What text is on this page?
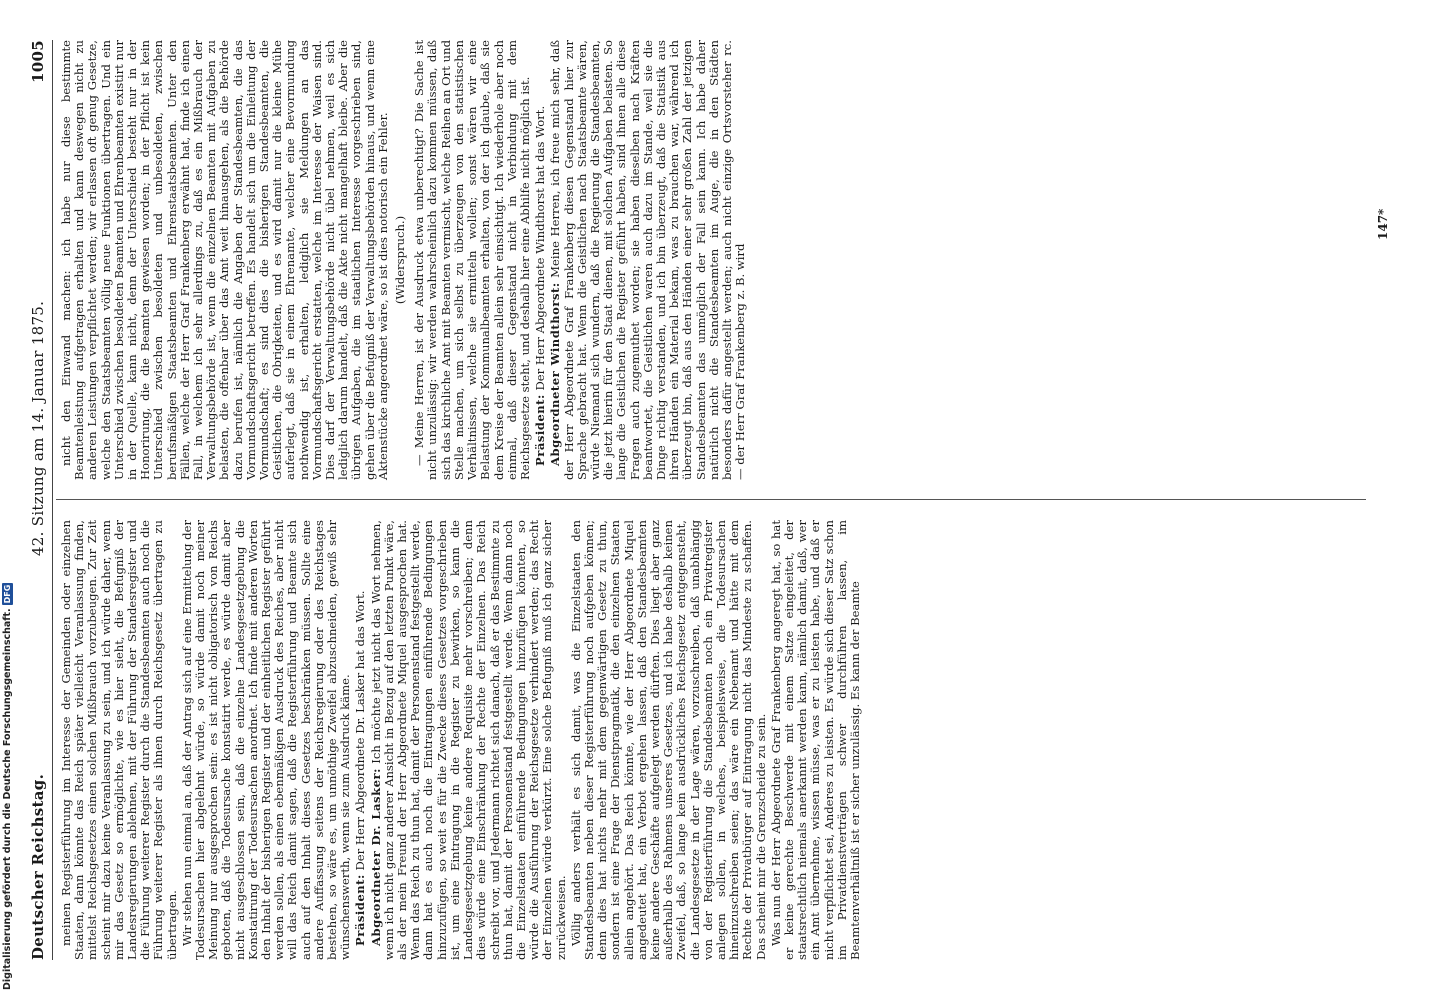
Digitalisierung gefördert durch die Deutsche Forschungsgemeinschaft.
DFG
Deutscher Reichstag.
42. Sitzung am 14. Januar 1875.
1005

meinen Registerführung im Interesse der Gemeinden oder einzelnen Staaten, dann könnte das Reich später vielleicht Veranlassung finden, mittelst Reichsgesetzes einen solchen Mißbrauch vorzubeugen. Zur Zeit scheint mir dazu keine Veranlassung zu sein, und ich würde daher, wenn mir das Gesetz so ermöglichte, wie es hier sieht, die Befugniß der Landesregierungen ablehnen, mit der Führung der Standesregister und die Führung weiterer Register durch die Standesbeamten auch noch die Führung weiterer Register als ihnen durch Reichsgesetz übertragen zu übertragen. Wir stehen nun einmal an, daß der Antrag sich auf eine Ermittelung der Todesursachen hier abgelehnt würde, so würde damit noch meiner Meinung nur ausgesprochen sein: es ist nicht obligatorisch von Reichs geboten, daß die Todesursache konstatirt werde, es würde damit aber nicht ausgeschlossen sein, daß die einzelne Landesgesetzgebung die Konstatirung der Todesursachen anordnet. Ich finde mit anderen Worten den Inhalt der bisherigen Register und der einheitlichen Register geführt werden sollen, als einen ebenmäßigen Ausdruck des Reiches, aber nicht will das Reich damit sagen, daß die Registerführung und Beamte sich auch auf den Inhalt dieses Gesetzes beschränken müssen. Sollte eine andere Auffassung seitens der Reichsregierung oder des Reichstages bestehen, so wäre es, um unnöthige Zweifel abzuschneiden, gewiß sehr wünschenswerth, wenn sie zum Ausdruck käme. Präsident: Der Herr Abgeordnete Dr. Lasker hat das Wort. Abgeordneter Dr. Lasker: Ich möchte jetzt nicht das Wort nehmen, wenn ich nicht ganz anderer Ansicht in Bezug auf den letzten Punkt wäre, als der mein Freund der Herr Abgeordnete Miquel ausgesprochen hat. Wenn das Reich zu thun hat, damit der Personenstand festgestellt werde, dann hat es auch noch die Eintragungen einführende Bedingungen hinzuzufügen, so weit es für die Zwecke dieses Gesetzes vorgeschrieben ist, um eine Eintragung in die Register zu bewirken, so kann die Landesgesetzgebung keine andere Requisite mehr vorschreiben; denn dies würde eine Einschränkung der Rechte der Einzelnen. Das Reich schreibt vor, und Jedermann richtet sich danach, daß er das Bestimmte zu thun hat, damit der Personenstand festgestellt werde. Wenn dann noch die Einzelstaaten einführende Bedingungen hinzufügen könnten, so würde die Ausführung der Reichsgesetze verhindert werden; das Recht der Einzelnen würde verkürzt. Eine solche Befugniß muß ich ganz sicher zurückweisen. Völlig anders verhält es sich damit, was die Einzelstaaten den Standesbeamten neben dieser Registerführung noch aufgeben können; denn dies hat nichts mehr mit dem gegenwärtigen Gesetz zu thun, sondern ist eine Frage der Dienstpragmatik, die den einzelnen Staaten allein angehört. Das Reich könnte, wie der Herr Abgeordnete Miquel angedeutet hat, ein Verbot ergehen lassen, daß den Standesbeamten keine andere Geschäfte aufgelegt werden dürften. Dies liegt aber ganz außerhalb des Rahmens unseres Gesetzes, und ich habe deshalb keinen Zweifel, daß, so lange kein ausdrückliches Reichsgesetz entgegensteht, die Landesgesetze in der Lage wären, vorzuschreiben, daß unabhängig von der Registerführung die Standesbeamten noch ein Privatregister anlegen sollen, in welches, beispielsweise, die Todesursachen hineinzuschreiben seien; das wäre ein Nebenamt und hätte mit dem Rechte der Privatbürger auf Eintragung nicht das Mindeste zu schaffen. Das scheint mir die Grenzscheide zu sein. Was nun der Herr Abgeordnete Graf Frankenberg angeregt hat, so hat er keine gerechte Beschwerde mit einem Satze eingeleitet, der staatsrechtlich niemals anerkannt werden kann, nämlich damit, daß, wer ein Amt übernehme, wissen müsse, was er zu leisten habe, und daß er nicht verpflichtet sei, Anderes zu leisten. Es würde sich dieser Satz schon im Privatdienstverträgen schwer durchführen lassen, im Beamtenverhältniß ist er sicher unzulässig. Es kann der Beamte

nicht den Einwand machen: ich habe nur diese bestimmte Beamtenleistung aufgetragen erhalten und kann deswegen nicht zu anderen Leistungen verpflichtet werden; wir erlassen oft genug Gesetze, welche den Staatsbeamten völlig neue Funktionen übertragen. Und ein Unterschied zwischen besoldeten Beamten und Ehrenbeamten existirt nur in der Quelle, kann nicht, denn der Unterschied besteht nur in der Honorirung, die die Beamten gewiesen worden; in der Pflicht ist kein Unterschied zwischen besoldeten und unbesoldeten, zwischen berufsmäßigen Staatsbeamten und Ehrenstaatsbeamten. Unter den Fällen, welche der Herr Graf Frankenberg erwähnt hat, finde ich einen Fall, in welchem ich sehr allerdings zu, daß es ein Mißbrauch der Verwaltungsbehörde ist, wenn die einzelnen Beamten mit Aufgaben zu belasten, die offenbar über das Amt weit hinausgehen, als die Behörde dazu berufen ist, nämlich die Angaben der Standesbeamten, die das Vormundschaftsgericht betreffen. Es handelt sich um die Einleitung der Vormundschaft; es sind dies die bisherigen Standesbeamten, die Geistlichen, die Obrigkeiten, und es wird damit nur die kleine Mühe auferlegt, daß sie in einem Ehrenamte, welcher eine Bevormundung nothwendig ist, erhalten, lediglich sie Meldungen an das Vormundschaftsgericht erstatten, welche im Interesse der Waisen sind. Dies darf der Verwaltungsbehörde nicht übel nehmen, weil es sich lediglich darum handelt, daß die Akte nicht mangelhaft bleibe. Aber die übrigen Aufgaben, die im staatlichen Interesse vorgeschrieben sind, gehen über die Befugniß der Verwaltungsbehörden hinaus, und wenn eine Aktenstücke angeordnet wäre, so ist dies notorisch ein Fehler. (Widerspruch.) — Meine Herren, ist der Ausdruck etwa unberechtigt? Die Sache ist nicht unzulässig: wir werden wahrscheinlich dazu kommen müssen, daß sich das kirchliche Amt mit Beamten vermischt, welche Reihen an Ort und Stelle machen, um sich selbst zu überzeugen von den statistischen Verhältnissen, welche sie ermitteln wollen; sonst wären wir eine Belastung der Kommunalbeamten erhalten, von der ich glaube, daß sie dem Kreise der Beamten allein sehr einsichtigt. Ich wiederhole aber noch einmal, daß dieser Gegenstand nicht in Verbindung mit dem Reichsgesetze steht, und deshalb hier eine Abhilfe nicht möglich ist. Präsident: Der Herr Abgeordnete Windthorst hat das Wort. Abgeordneter Windthorst: Meine Herren, ich freue mich sehr, daß der Herr Abgeordnete Graf Frankenberg diesen Gegenstand hier zur Sprache gebracht hat. Wenn die Geistlichen nach Staatsbeamte wären, würde Niemand sich wundern, daß die Regierung die Standesbeamten, die jetzt hierin für den Staat dienen, mit solchen Aufgaben belasten. So lange die Geistlichen die Register geführt haben, sind ihnen alle diese Fragen auch zugemuthet worden; sie haben dieselben nach Kräften beantwortet, die Geistlichen waren auch dazu im Stande, weil sie die Dinge richtig verstanden, und ich bin überzeugt, daß die Statistik aus ihren Händen ein Material bekam, was zu brauchen war, während ich überzeugt bin, daß aus den Händen einer sehr großen Zahl der jetzigen Standesbeamten das unmöglich der Fall sein kann. Ich habe daher natürlich nicht die Standesbeamten im Auge, die in den Städten besonders dafür angestellt werden; auch nicht einzige Ortsvorsteher rc. — der Herr Graf Frankenberg z. B. wird

147*
